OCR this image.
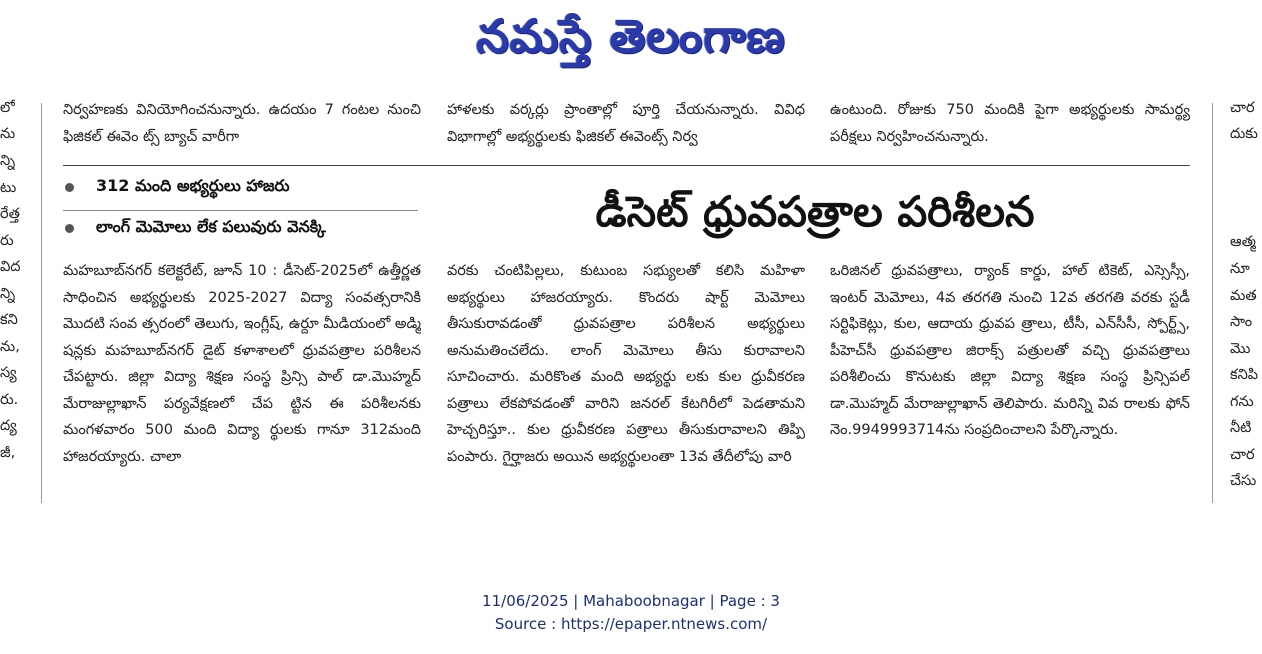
నమస్తే తెలంగాణ
లో
ను
న్ని
టు
రేత్త
రు
విద
న్ని
కని
ను,
స్య
రు.
ద్య
జీ,
చార
దుకు
ఆత్మ
నూ
మత
సాం
మొ
కనిపి
గను
నీటి
చార
చేసు
నిర్వహణకు వినియోగించనున్నారు. ఉదయం 7 గంటల నుంచి ఫిజికల్ ఈవెం ట్స్ బ్యాచ్ వారీగా
హాళలకు వర్కర్లు ప్రాంతాల్లో పూర్తి చేయనున్నారు. వివిధ విభాగాల్లో అభ్యర్థులకు ఫిజికల్ ఈవెంట్స్ నిర్వ
ఉంటుంది. రోజుకు 750 మందికి పైగా అభ్యర్థులకు సామర్థ్య పరీక్షలు నిర్వహించనున్నారు.
312 మంది అభ్యర్థులు హాజరు
లాంగ్ మెమోలు లేక పలువురు వెనక్కి	డీసెట్ ధ్రువపత్రాల పరిశీలన
మహబూబ్‌నగర్ కలెక్టరేట్, జూన్ 10 : డీసెట్-2025లో ఉత్తీర్ణత సాధించిన అభ్యర్థులకు 2025-2027 విద్యా సంవత్సరానికి మొదటి సంవ త్సరంలో తెలుగు, ఇంగ్లీష్, ఉర్దూ మీడియంలో అడ్మి షన్లకు మహబూబ్‌నగర్ డైట్ కళాశాలలో ధ్రువపత్రాల పరిశీలన చేపట్టారు. జిల్లా విద్యా శిక్షణ సంస్థ ప్రిన్సి పాల్ డా.మొహ్మద్ మేరాజుల్లాఖాన్ పర్యవేక్షణలో చేప ట్టిన ఈ పరిశీలనకు మంగళవారం 500 మంది విద్యా ర్థులకు గానూ 312మంది హాజరయ్యారు. చాలా
వరకు చంటిపిల్లలు, కుటుంబ సభ్యులతో కలిసి మహిళా అభ్యర్థులు హాజరయ్యారు. కొందరు షార్ట్ మెమోలు తీసుకురావడంతో ధ్రువపత్రాల పరిశీలన అభ్యర్థులు అనుమతించలేదు. లాంగ్ మెమోలు తీసు కురావాలని సూచించారు. మరికొంత మంది అభ్యర్థు లకు కుల ధ్రువీకరణ పత్రాలు లేకపోవడంతో వారిని జనరల్ కేటగిరీలో పెడతామని హెచ్చరిస్తూ.. కుల ధ్రువీకరణ పత్రాలు తీసుకురావాలని తిప్పి పంపారు. గైర్హాజరు అయిన అభ్యర్థులంతా 13వ తేదీలోపు వారి
ఒరిజినల్ ధ్రువపత్రాలు, ర్యాంక్ కార్డు, హాల్ టికెట్, ఎస్సెస్సీ, ఇంటర్ మెమోలు, 4వ తరగతి నుంచి 12వ తరగతి వరకు స్టడీ సర్టిఫికెట్లు, కుల, ఆదాయ ధ్రువప త్రాలు, టీసీ, ఎన్‌సీసీ, స్పోర్ట్స్, పీహెచ్‌సీ ధ్రువపత్రాల జిరాక్స్ పత్రులతో వచ్చి ధ్రువపత్రాలు పరిశీలించు కొనుటకు జిల్లా విద్యా శిక్షణ సంస్థ ప్రిన్సిపల్ డా.మొహ్మద్ మేరాజుల్లాఖాన్ తెలిపారు. మరిన్ని వివ రాలకు ఫోన్ నెం.9949993714ను సంప్రదించాలని పేర్కొన్నారు.
11/06/2025 | Mahaboobnagar | Page : 3
Source : https://epaper.ntnews.com/
